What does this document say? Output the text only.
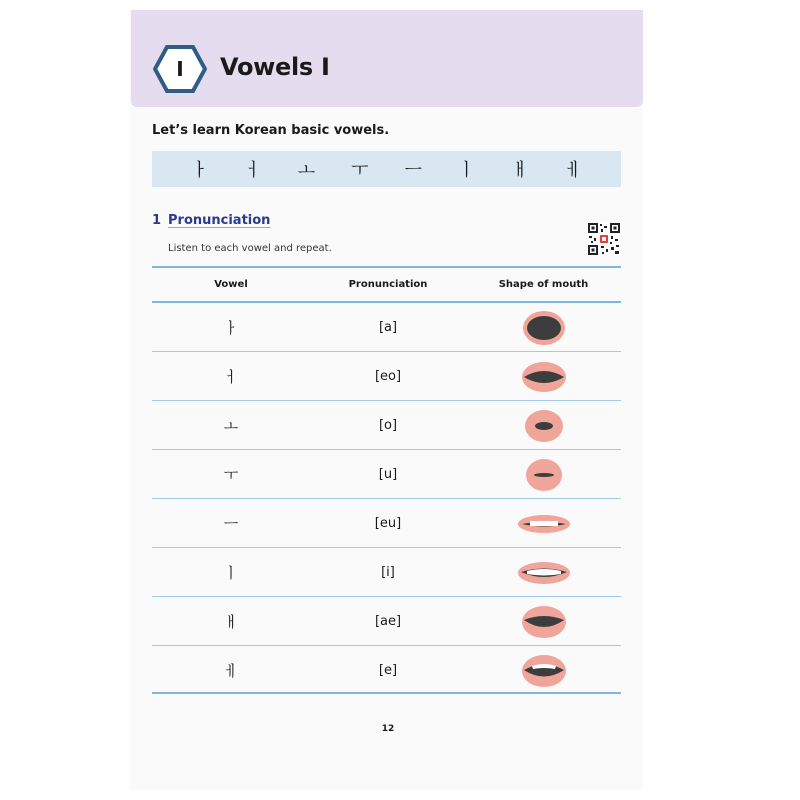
I	Vowels I
Let’s learn Korean basic vowels.
ㅏ ㅓ ㅗ ㅜ ㅡ ㅣ ㅐ ㅔ
1 Pronunciation
Listen to each vowel and repeat.
Vowel	Pronunciation	Shape of mouth
ㅏ	[a]
ㅓ	[eo]
ㅗ	[o]
ㅜ	[u]
ㅡ	[eu]
ㅣ	[i]
ㅐ	[ae]
ㅔ	[e]
12
